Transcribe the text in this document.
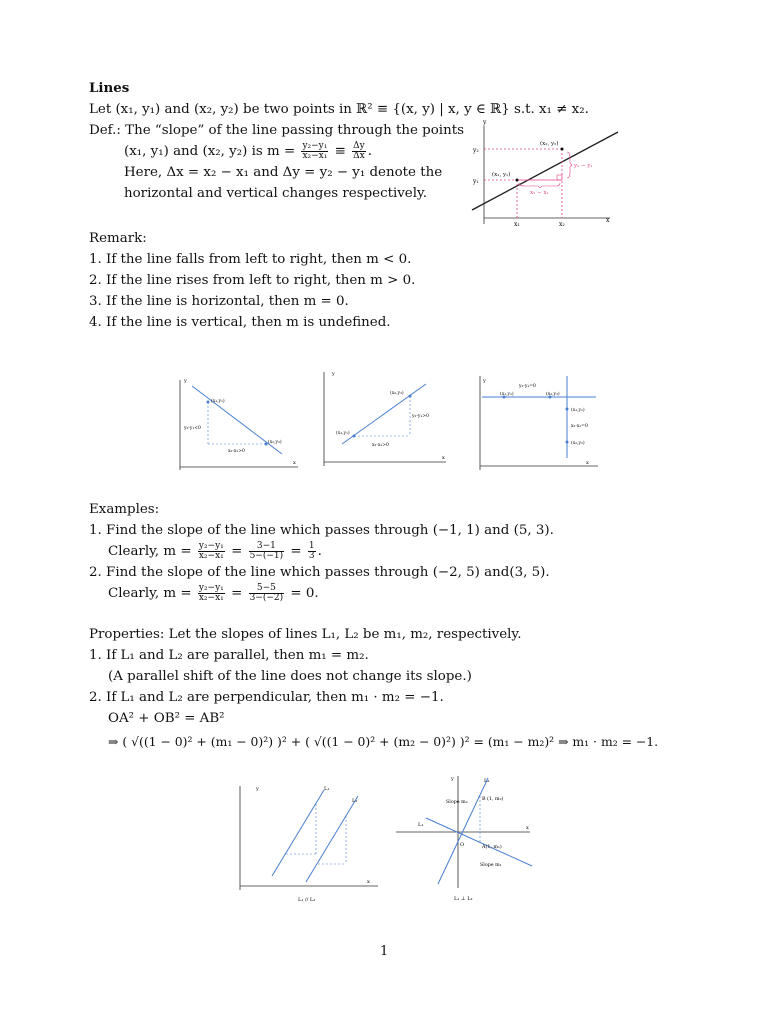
Lines
Let (x₁, y₁) and (x₂, y₂) be two points in ℝ² ≡ {(x, y) | x, y ∈ ℝ} s.t. x₁ ≠ x₂.
Def.: The “slope” of the line passing through the points
(x₁, y₁) and (x₂, y₂) is $m = \frac{\text{y₂−y₁}}{\text{x₂−x₁}} \equiv \frac{\Delta y}{\Delta x}$ .
Here, Δx = x₂ − x₁ and Δy = y₂ − y₁ denote the
horizontal and vertical changes respectively.
x
y
y₂
y₁
x₁	x₂
(x₁, y₁)
(x₂, y₂)
y₂ − y₁
x₂ − x₁
Remark:
1. If the line falls from left to right, then m < 0.
2. If the line rises from left to right, then m > 0.
3. If the line is horizontal, then m = 0.
4. If the line is vertical, then m is undefined.
x
y
(x₁,y₁)
(x₂,y₂)
y₂-y₁<0
x₂-x₁>0
x
y
(x₁,y₁)
(x₂,y₂)
y₂-y₁>0
x₂-x₁>0
x
y
y₂-y₁=0
(x₁,y₁)	(x₂,y₂)
(x₁,y₁)
x₂-x₁=0
(x₂,y₂)
Examples:
1. Find the slope of the line which passes through (−1, 1) and (5, 3).
Clearly, $m = \frac{\text{y₂−y₁}}{\text{x₂−x₁}} = \frac{3-1}{5-(-1)} = \frac{1}{3}$ .
2. Find the slope of the line which passes through (−2, 5) and(3, 5).
Clearly, $m = \frac{\text{y₂−y₁}}{\text{x₂−x₁}} = \frac{5-5}{3-(-2)} = 0$.
Properties: Let the slopes of lines L₁, L₂ be m₁, m₂, respectively.
1. If L₁ and L₂ are parallel, then m₁ = m₂.
(A parallel shift of the line does not change its slope.)
2. If L₁ and L₂ are perpendicular, then m₁ · m₂ = −1.
OA² + OB² = AB²
⇒ ( √((1 − 0)² + (m₁ − 0)²) )² + ( √((1 − 0)² + (m₂ − 0)²) )² = (m₁ − m₂)² ⇒ m₁ · m₂ = −1.
x
y	L₁
L₂
L₁ // L₂
x
y	L₂
L₁
Slope m₂
B (1, m₂)
A(1, m₁)
O
Slope m₁
L₁ ⊥ L₂
1
